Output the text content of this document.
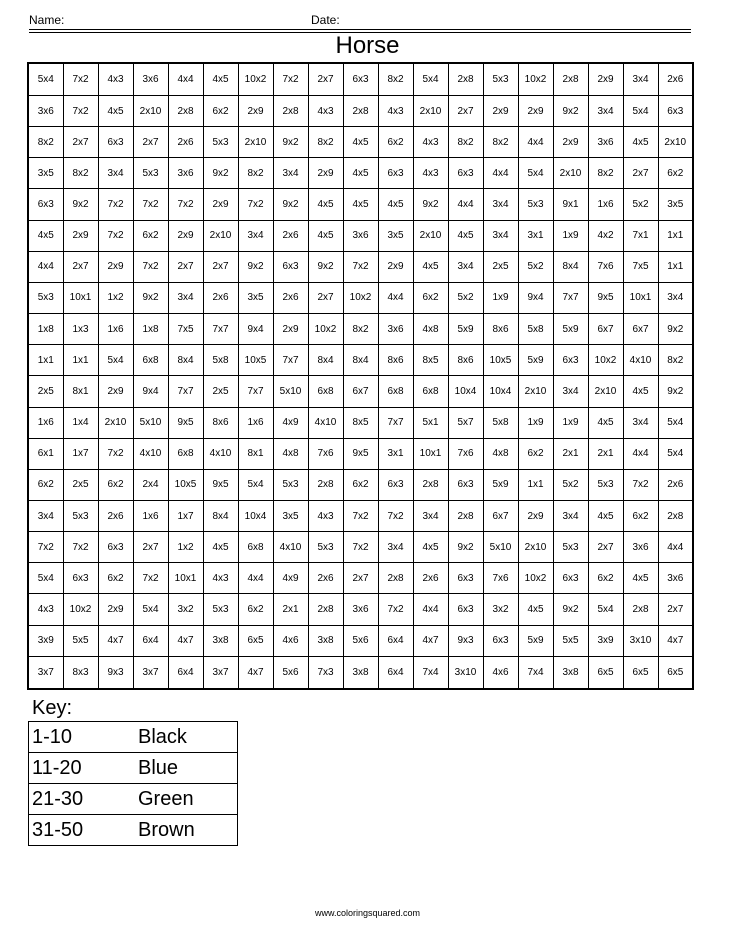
Name:	Date:
Horse
5x4	7x2	4x3	3x6	4x4	4x5	10x2	7x2	2x7	6x3	8x2	5x4	2x8	5x3	10x2	2x8	2x9	3x4	2x6
3x6	7x2	4x5	2x10	2x8	6x2	2x9	2x8	4x3	2x8	4x3	2x10	2x7	2x9	2x9	9x2	3x4	5x4	6x3
8x2	2x7	6x3	2x7	2x6	5x3	2x10	9x2	8x2	4x5	6x2	4x3	8x2	8x2	4x4	2x9	3x6	4x5	2x10
3x5	8x2	3x4	5x3	3x6	9x2	8x2	3x4	2x9	4x5	6x3	4x3	6x3	4x4	5x4	2x10	8x2	2x7	6x2
6x3	9x2	7x2	7x2	7x2	2x9	7x2	9x2	4x5	4x5	4x5	9x2	4x4	3x4	5x3	9x1	1x6	5x2	3x5
4x5	2x9	7x2	6x2	2x9	2x10	3x4	2x6	4x5	3x6	3x5	2x10	4x5	3x4	3x1	1x9	4x2	7x1	1x1
4x4	2x7	2x9	7x2	2x7	2x7	9x2	6x3	9x2	7x2	2x9	4x5	3x4	2x5	5x2	8x4	7x6	7x5	1x1
5x3	10x1	1x2	9x2	3x4	2x6	3x5	2x6	2x7	10x2	4x4	6x2	5x2	1x9	9x4	7x7	9x5	10x1	3x4
1x8	1x3	1x6	1x8	7x5	7x7	9x4	2x9	10x2	8x2	3x6	4x8	5x9	8x6	5x8	5x9	6x7	6x7	9x2
1x1	1x1	5x4	6x8	8x4	5x8	10x5	7x7	8x4	8x4	8x6	8x5	8x6	10x5	5x9	6x3	10x2	4x10	8x2
2x5	8x1	2x9	9x4	7x7	2x5	7x7	5x10	6x8	6x7	6x8	6x8	10x4	10x4	2x10	3x4	2x10	4x5	9x2
1x6	1x4	2x10	5x10	9x5	8x6	1x6	4x9	4x10	8x5	7x7	5x1	5x7	5x8	1x9	1x9	4x5	3x4	5x4
6x1	1x7	7x2	4x10	6x8	4x10	8x1	4x8	7x6	9x5	3x1	10x1	7x6	4x8	6x2	2x1	2x1	4x4	5x4
6x2	2x5	6x2	2x4	10x5	9x5	5x4	5x3	2x8	6x2	6x3	2x8	6x3	5x9	1x1	5x2	5x3	7x2	2x6
3x4	5x3	2x6	1x6	1x7	8x4	10x4	3x5	4x3	7x2	7x2	3x4	2x8	6x7	2x9	3x4	4x5	6x2	2x8
7x2	7x2	6x3	2x7	1x2	4x5	6x8	4x10	5x3	7x2	3x4	4x5	9x2	5x10	2x10	5x3	2x7	3x6	4x4
5x4	6x3	6x2	7x2	10x1	4x3	4x4	4x9	2x6	2x7	2x8	2x6	6x3	7x6	10x2	6x3	6x2	4x5	3x6
4x3	10x2	2x9	5x4	3x2	5x3	6x2	2x1	2x8	3x6	7x2	4x4	6x3	3x2	4x5	9x2	5x4	2x8	2x7
3x9	5x5	4x7	6x4	4x7	3x8	6x5	4x6	3x8	5x6	6x4	4x7	9x3	6x3	5x9	5x5	3x9	3x10	4x7
3x7	8x3	9x3	3x7	6x4	3x7	4x7	5x6	7x3	3x8	6x4	7x4	3x10	4x6	7x4	3x8	6x5	6x5	6x5
Key:
1-10	Black
11-20	Blue
21-30	Green
31-50	Brown
www.coloringsquared.com
